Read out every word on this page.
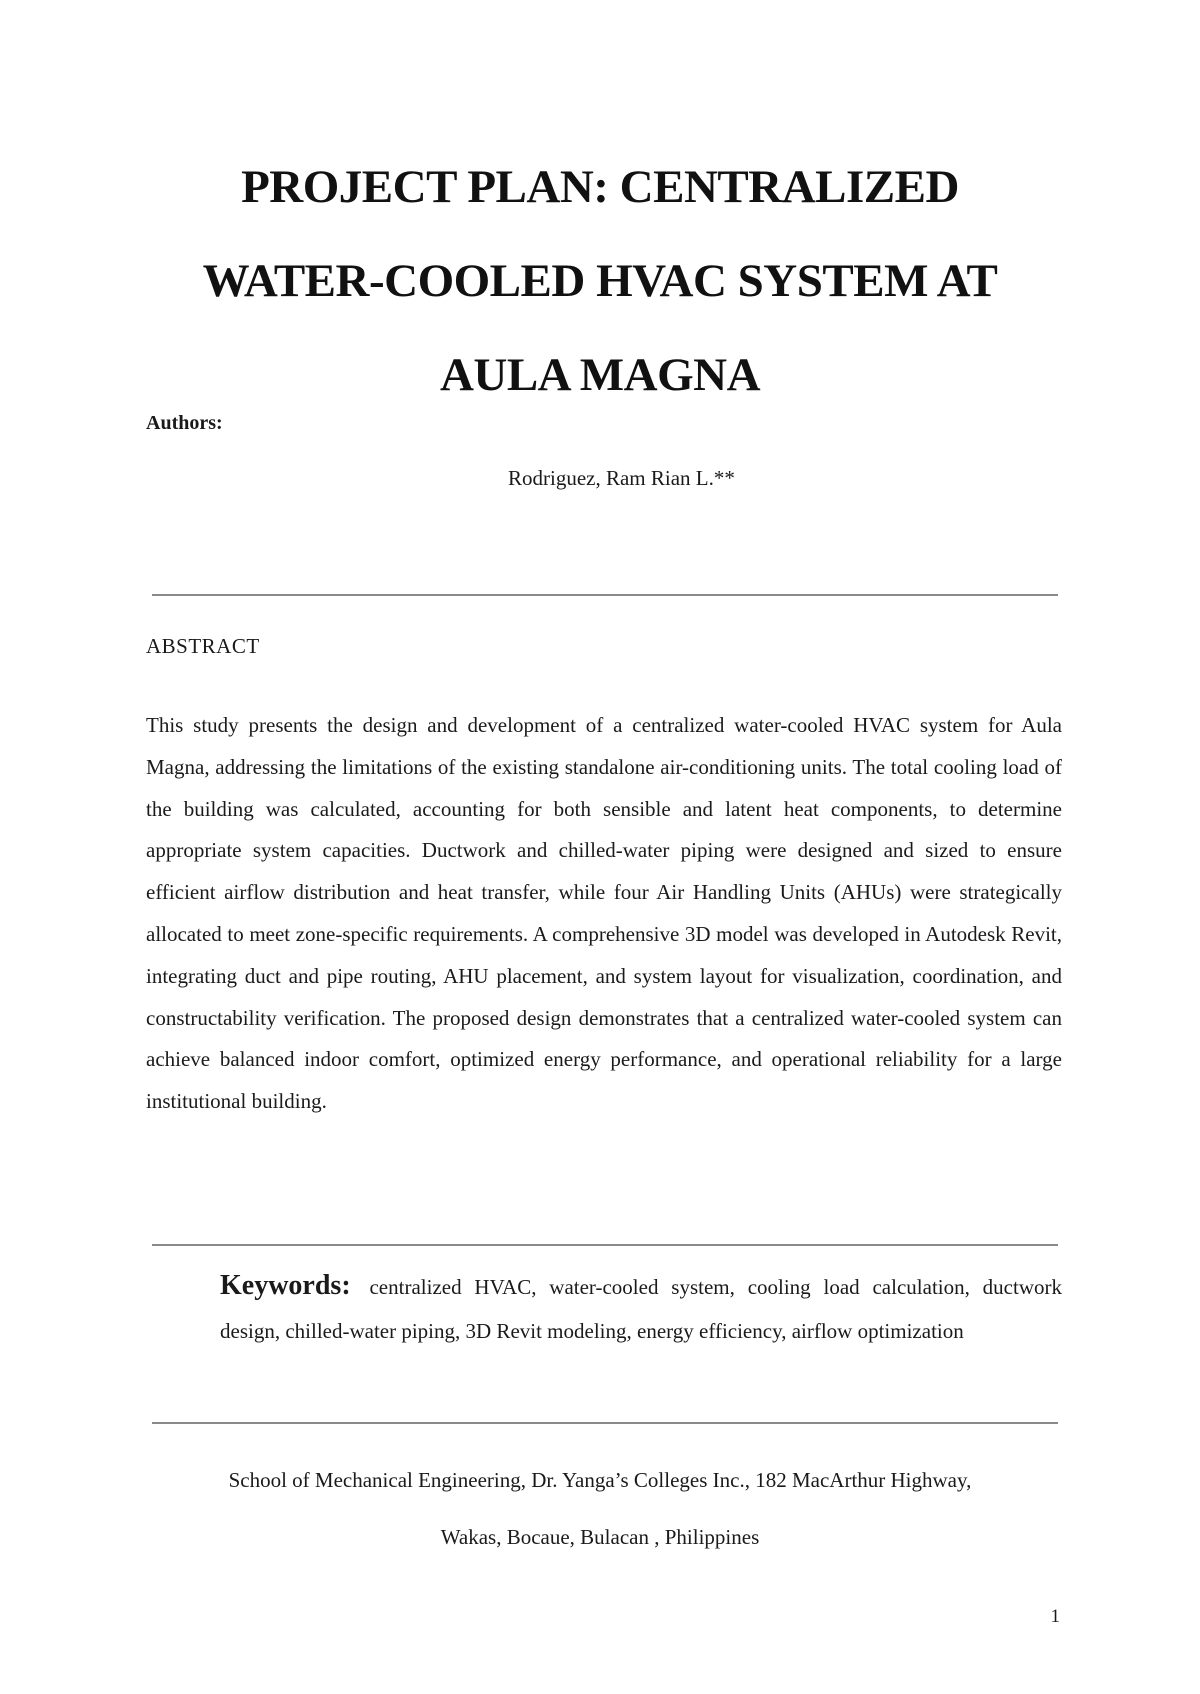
PROJECT PLAN: CENTRALIZED
WATER-COOLED HVAC SYSTEM AT
AULA MAGNA

Authors:

Rodriguez, Ram Rian L.**

ABSTRACT

This study presents the design and development of a centralized water-cooled HVAC system for Aula Magna, addressing the limitations of the existing standalone air-conditioning units. The total cooling load of the building was calculated, accounting for both sensible and latent heat components, to determine appropriate system capacities. Ductwork and chilled-water piping were designed and sized to ensure efficient airflow distribution and heat transfer, while four Air Handling Units (AHUs) were strategically allocated to meet zone-specific requirements. A comprehensive 3D model was developed in Autodesk Revit, integrating duct and pipe routing, AHU placement, and system layout for visualization, coordination, and constructability verification. The proposed design demonstrates that a centralized water-cooled system can achieve balanced indoor comfort, optimized energy performance, and operational reliability for a large institutional building.

Keywords: centralized HVAC, water-cooled system, cooling load calculation, ductwork design, chilled-water piping, 3D Revit modeling, energy efficiency, airflow optimization

School of Mechanical Engineering, Dr. Yanga’s Colleges Inc., 182 MacArthur Highway,
Wakas, Bocaue, Bulacan , Philippines

1
